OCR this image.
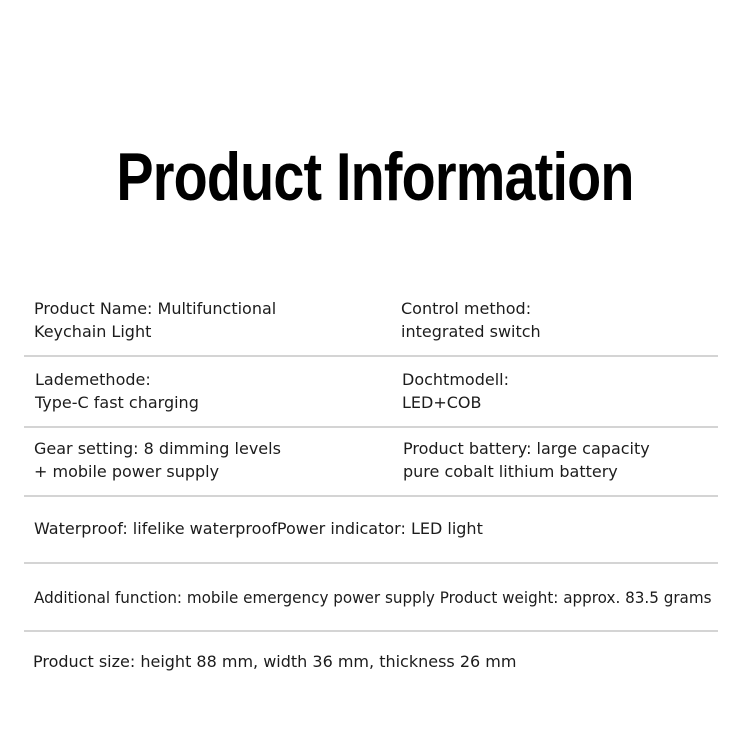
Product Information
Product Name: Multifunctional
Keychain Light
Control method:
integrated switch
Lademethode:
Type-C fast charging
Dochtmodell:
LED+COB
Gear setting: 8 dimming levels
+ mobile power supply
Product battery: large capacity
pure cobalt lithium battery
Waterproof: lifelike waterproofPower indicator: LED light
Additional function: mobile emergency power supply Product weight: approx. 83.5 grams
Product size: height 88 mm, width 36 mm, thickness 26 mm
